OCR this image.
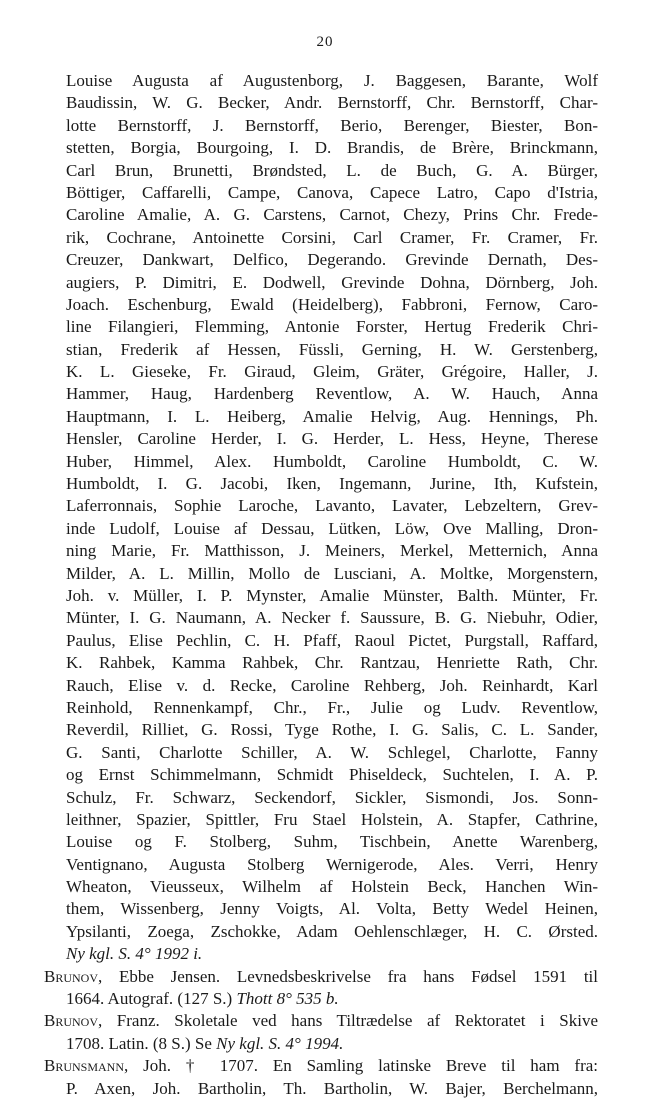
20
Louise Augusta af Augustenborg, J. Baggesen, Barante, Wolf
Baudissin, W. G. Becker, Andr. Bernstorff, Chr. Bernstorff, Char-
lotte Bernstorff, J. Bernstorff, Berio, Berenger, Biester, Bon-
stetten, Borgia, Bourgoing, I. D. Brandis, de Brère, Brinckmann,
Carl Brun, Brunetti, Brøndsted, L. de Buch, G. A. Bürger,
Böttiger, Caffarelli, Campe, Canova, Capece Latro, Capo d'Istria,
Caroline Amalie, A. G. Carstens, Carnot, Chezy, Prins Chr. Frede-
rik, Cochrane, Antoinette Corsini, Carl Cramer, Fr. Cramer, Fr.
Creuzer, Dankwart, Delfico, Degerando. Grevinde Dernath, Des-
augiers, P. Dimitri, E. Dodwell, Grevinde Dohna, Dörnberg, Joh.
Joach. Eschenburg, Ewald (Heidelberg), Fabbroni, Fernow, Caro-
line Filangieri, Flemming, Antonie Forster, Hertug Frederik Chri-
stian, Frederik af Hessen, Füssli, Gerning, H. W. Gerstenberg,
K. L. Gieseke, Fr. Giraud, Gleim, Gräter, Grégoire, Haller, J.
Hammer, Haug, Hardenberg Reventlow, A. W. Hauch, Anna
Hauptmann, I. L. Heiberg, Amalie Helvig, Aug. Hennings, Ph.
Hensler, Caroline Herder, I. G. Herder, L. Hess, Heyne, Therese
Huber, Himmel, Alex. Humboldt, Caroline Humboldt, C. W.
Humboldt, I. G. Jacobi, Iken, Ingemann, Jurine, Ith, Kufstein,
Laferronnais, Sophie Laroche, Lavanto, Lavater, Lebzeltern, Grev-
inde Ludolf, Louise af Dessau, Lütken, Löw, Ove Malling, Dron-
ning Marie, Fr. Matthisson, J. Meiners, Merkel, Metternich, Anna
Milder, A. L. Millin, Mollo de Lusciani, A. Moltke, Morgenstern,
Joh. v. Müller, I. P. Mynster, Amalie Münster, Balth. Münter, Fr.
Münter, I. G. Naumann, A. Necker f. Saussure, B. G. Niebuhr, Odier,
Paulus, Elise Pechlin, C. H. Pfaff, Raoul Pictet, Purgstall, Raffard,
K. Rahbek, Kamma Rahbek, Chr. Rantzau, Henriette Rath, Chr.
Rauch, Elise v. d. Recke, Caroline Rehberg, Joh. Reinhardt, Karl
Reinhold, Rennenkampf, Chr., Fr., Julie og Ludv. Reventlow,
Reverdil, Rilliet, G. Rossi, Tyge Rothe, I. G. Salis, C. L. Sander,
G. Santi, Charlotte Schiller, A. W. Schlegel, Charlotte, Fanny
og Ernst Schimmelmann, Schmidt Phiseldeck, Suchtelen, I. A. P.
Schulz, Fr. Schwarz, Seckendorf, Sickler, Sismondi, Jos. Sonn-
leithner, Spazier, Spittler, Fru Stael Holstein, A. Stapfer, Cathrine,
Louise og F. Stolberg, Suhm, Tischbein, Anette Warenberg,
Ventignano, Augusta Stolberg Wernigerode, Ales. Verri, Henry
Wheaton, Vieusseux, Wilhelm af Holstein Beck, Hanchen Win-
them, Wissenberg, Jenny Voigts, Al. Volta, Betty Wedel Heinen,
Ypsilanti, Zoega, Zschokke, Adam Oehlenschlæger, H. C. Ørsted.
Ny kgl. S. 4° 1992 i.
Brunov, Ebbe Jensen. Levnedsbeskrivelse fra hans Fødsel 1591 til
1664. Autograf. (127 S.) Thott 8° 535 b.
Brunov, Franz. Skoletale ved hans Tiltrædelse af Rektoratet i Skive
1708. Latin. (8 S.) Se Ny kgl. S. 4° 1994.
Brunsmann, Joh. † 1707. En Samling latinske Breve til ham fra:
P. Axen, Joh. Bartholin, Th. Bartholin, W. Bajer, Berchelmann,
